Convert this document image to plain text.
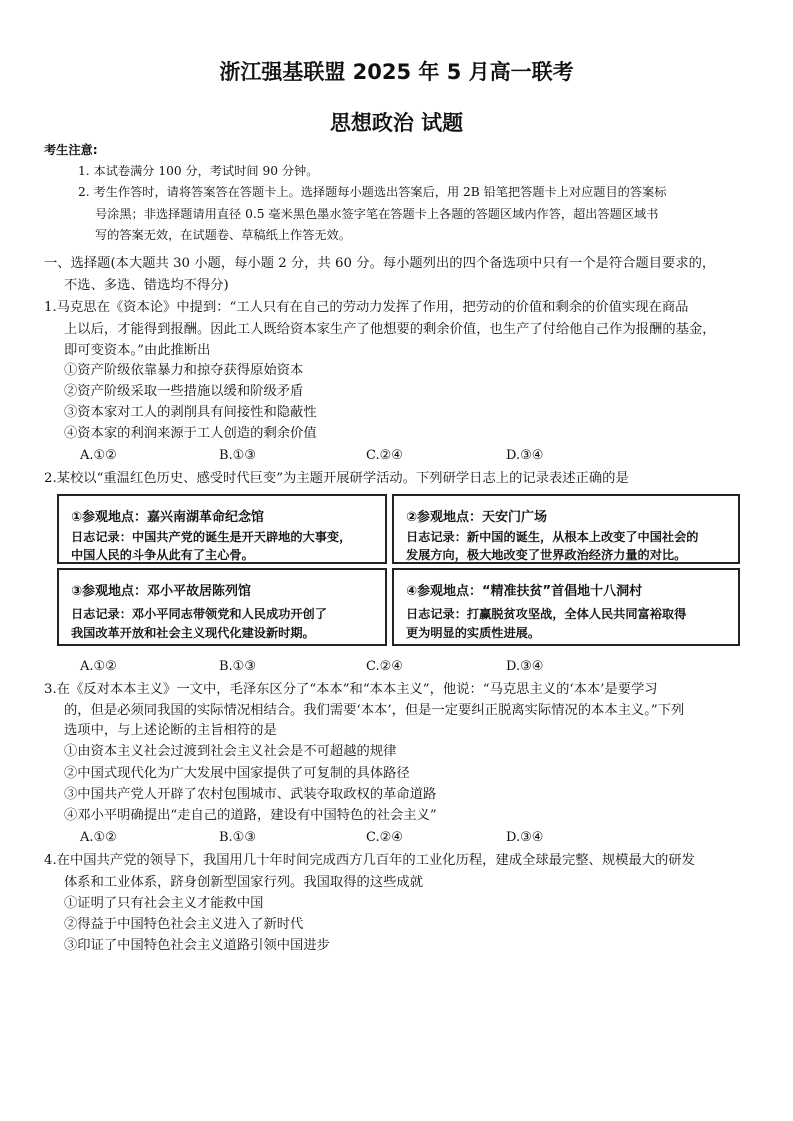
浙江强基联盟 2025 年 5 月高一联考
思想政治 试题
考生注意:
1. 本试卷满分 100 分，考试时间 90 分钟。
2. 考生作答时，请将答案答在答题卡上。选择题每小题选出答案后，用 2B 铅笔把答题卡上对应题目的答案标
号涂黑；非选择题请用直径 0.5 毫米黑色墨水签字笔在答题卡上各题的答题区域内作答，超出答题区域书
写的答案无效，在试题卷、草稿纸上作答无效。
一、选择题(本大题共 30 小题，每小题 2 分，共 60 分。每小题列出的四个备选项中只有一个是符合题目要求的，
不选、多选、错选均不得分)
1.马克思在《资本论》中提到：“工人只有在自己的劳动力发挥了作用，把劳动的价值和剩余的价值实现在商品
上以后，才能得到报酬。因此工人既给资本家生产了他想要的剩余价值，也生产了付给他自己作为报酬的基金，
即可变资本。”由此推断出
①资产阶级依靠暴力和掠夺获得原始资本
②资产阶级采取一些措施以缓和阶级矛盾
③资本家对工人的剥削具有间接性和隐蔽性
④资本家的利润来源于工人创造的剩余价值
A.①②	B.①③	C.②④	D.③④
2.某校以“重温红色历史、感受时代巨变”为主题开展研学活动。下列研学日志上的记录表述正确的是
①参观地点：嘉兴南湖革命纪念馆
日志记录：中国共产党的诞生是开天辟地的大事变，
中国人民的斗争从此有了主心骨。
②参观地点：天安门广场
日志记录：新中国的诞生，从根本上改变了中国社会的
发展方向，极大地改变了世界政治经济力量的对比。
③参观地点：邓小平故居陈列馆
日志记录：邓小平同志带领党和人民成功开创了
我国改革开放和社会主义现代化建设新时期。
④参观地点：“精准扶贫”首倡地十八洞村
日志记录：打赢脱贫攻坚战，全体人民共同富裕取得
更为明显的实质性进展。
A.①②	B.①③	C.②④	D.③④
3.在《反对本本主义》一文中，毛泽东区分了“本本”和“本本主义”，他说：“马克思主义的‘本本’是要学习
的，但是必须同我国的实际情况相结合。我们需要‘本本’，但是一定要纠正脱离实际情况的本本主义。”下列
选项中，与上述论断的主旨相符的是
①由资本主义社会过渡到社会主义社会是不可超越的规律
②中国式现代化为广大发展中国家提供了可复制的具体路径
③中国共产党人开辟了农村包围城市、武装夺取政权的革命道路
④邓小平明确提出“走自己的道路，建设有中国特色的社会主义”
A.①②	B.①③	C.②④	D.③④
4.在中国共产党的领导下，我国用几十年时间完成西方几百年的工业化历程，建成全球最完整、规模最大的研发
体系和工业体系，跻身创新型国家行列。我国取得的这些成就
①证明了只有社会主义才能救中国
②得益于中国特色社会主义进入了新时代
③印证了中国特色社会主义道路引领中国进步
